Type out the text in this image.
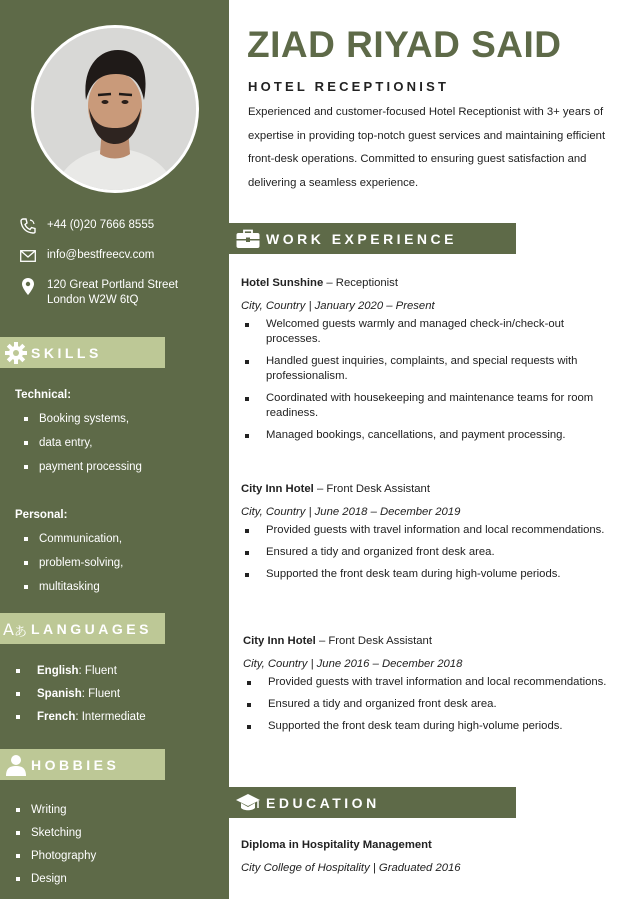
+44 (0)20 7666 8555
info@bestfreecv.com
120 Great Portland Street
London W2W 6tQ
SKILLS
Technical:
Booking systems,
data entry,
payment processing
Personal:
Communication,
problem-solving,
multitasking
A あ LANGUAGES
English : Fluent
Spanish : Fluent
French : Intermediate
HOBBIES
Writing
Sketching
Photography
Design
ZIAD RIYAD SAID
HOTEL RECEPTIONIST
Experienced and customer-focused Hotel Receptionist with 3+ years of expertise in providing top-notch guest services and maintaining efficient front-desk operations. Committed to ensuring guest satisfaction and delivering a seamless experience.
WORK EXPERIENCE
Hotel Sunshine – Receptionist
City, Country | January 2020 – Present
Welcomed guests warmly and managed check-in/check-out processes.
Handled guest inquiries, complaints, and special requests with professionalism.
Coordinated with housekeeping and maintenance teams for room readiness.
Managed bookings, cancellations, and payment processing.
City Inn Hotel – Front Desk Assistant
City, Country | June 2018 – December 2019
Provided guests with travel information and local recommendations.
Ensured a tidy and organized front desk area.
Supported the front desk team during high-volume periods.
City Inn Hotel – Front Desk Assistant
City, Country | June 2016 – December 2018
Provided guests with travel information and local recommendations.
Ensured a tidy and organized front desk area.
Supported the front desk team during high-volume periods.
EDUCATION
Diploma in Hospitality Management
City College of Hospitality | Graduated 2016
